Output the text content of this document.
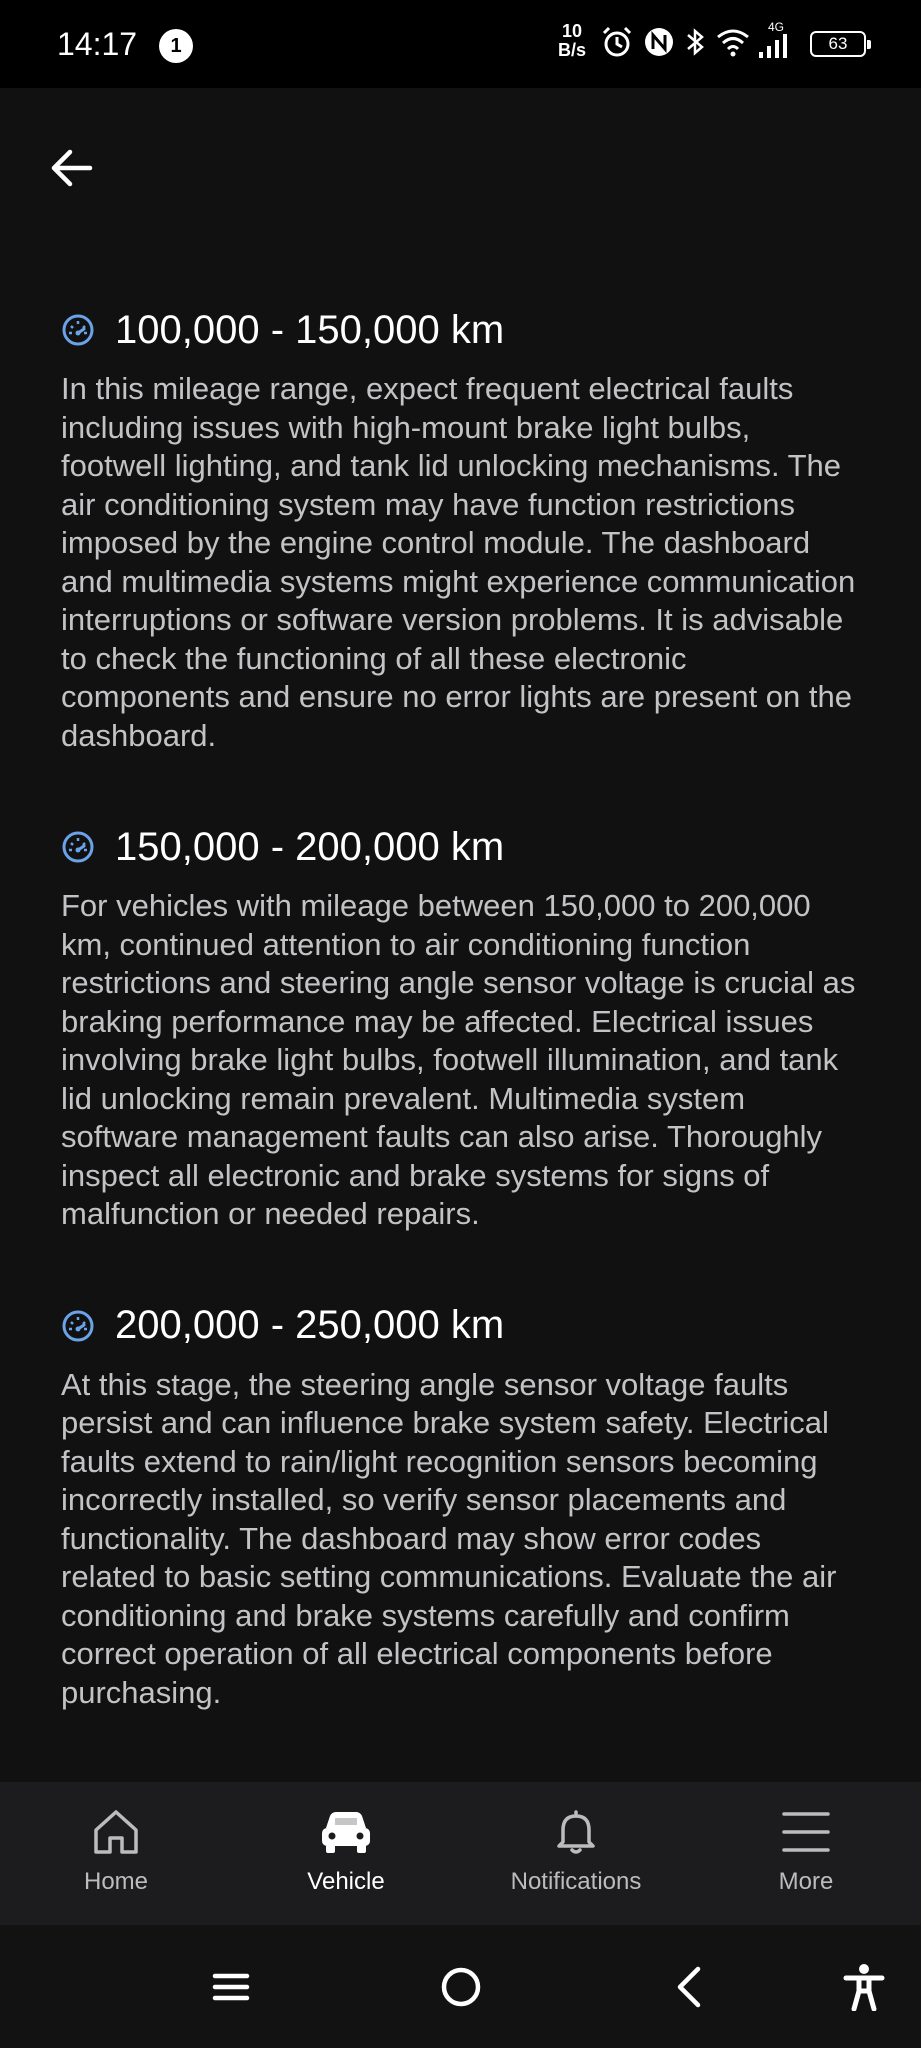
14:17	1
10
B/s
4G
63
100,000 - 150,000 km
In this mileage range, expect frequent electrical faults including issues with high-mount brake light bulbs, footwell lighting, and tank lid unlocking mechanisms. The air conditioning system may have function restrictions imposed by the engine control module. The dashboard and multimedia systems might experience communication interruptions or software version problems. It is advisable to check the functioning of all these electronic components and ensure no error lights are present on the dashboard.
150,000 - 200,000 km
For vehicles with mileage between 150,000 to 200,000 km, continued attention to air conditioning function restrictions and steering angle sensor voltage is crucial as braking performance may be affected. Electrical issues involving brake light bulbs, footwell illumination, and tank lid unlocking remain prevalent. Multimedia system software management faults can also arise. Thoroughly inspect all electronic and brake systems for signs of malfunction or needed repairs.
200,000 - 250,000 km
At this stage, the steering angle sensor voltage faults persist and can influence brake system safety. Electrical faults extend to rain/light recognition sensors becoming incorrectly installed, so verify sensor placements and functionality. The dashboard may show error codes related to basic setting communications. Evaluate the air conditioning and brake systems carefully and confirm correct operation of all electrical components before purchasing.
Home	Vehicle	Notifications	More
